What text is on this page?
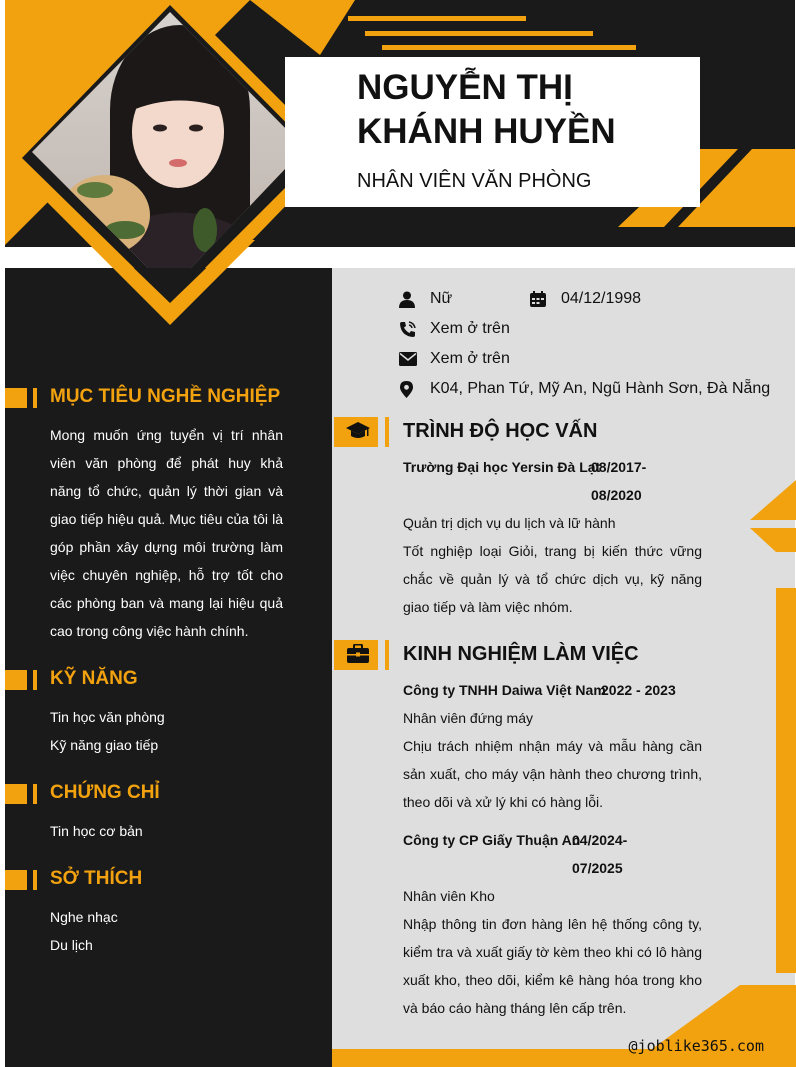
NGUYỄN THỊ KHÁNH HUYỀN
NHÂN VIÊN VĂN PHÒNG
Nữ	04/12/1998
Xem ở trên
Xem ở trên
K04, Phan Tứ, Mỹ An, Ngũ Hành Sơn, Đà Nẵng
MỤC TIÊU NGHỀ NGHIỆP
Mong muốn ứng tuyển vị trí nhân viên văn phòng để phát huy khả năng tổ chức, quản lý thời gian và giao tiếp hiệu quả. Mục tiêu của tôi là góp phần xây dựng môi trường làm việc chuyên nghiệp, hỗ trợ tốt cho các phòng ban và mang lại hiệu quả cao trong công việc hành chính.
KỸ NĂNG
Tin học văn phòng
Kỹ năng giao tiếp
CHỨNG CHỈ
Tin học cơ bản
SỞ THÍCH
Nghe nhạc
Du lịch
TRÌNH ĐỘ HỌC VẤN
Trường Đại học Yersin Đà Lạt
08/2017-
08/2020
Quản trị dịch vụ du lịch và lữ hành
Tốt nghiệp loại Giỏi, trang bị kiến thức vững chắc về quản lý và tổ chức dịch vụ, kỹ năng giao tiếp và làm việc nhóm.
KINH NGHIỆM LÀM VIỆC
Công ty TNHH Daiwa Việt Nam
2022 - 2023
Nhân viên đứng máy
Chịu trách nhiệm nhận máy và mẫu hàng cần sản xuất, cho máy vận hành theo chương trình, theo dõi và xử lý khi có hàng lỗi.
Công ty CP Giấy Thuận An
04/2024-
07/2025
Nhân viên Kho
Nhập thông tin đơn hàng lên hệ thống công ty, kiểm tra và xuất giấy tờ kèm theo khi có lô hàng xuất kho, theo dõi, kiểm kê hàng hóa trong kho và báo cáo hàng tháng lên cấp trên.
@joblike365.com
